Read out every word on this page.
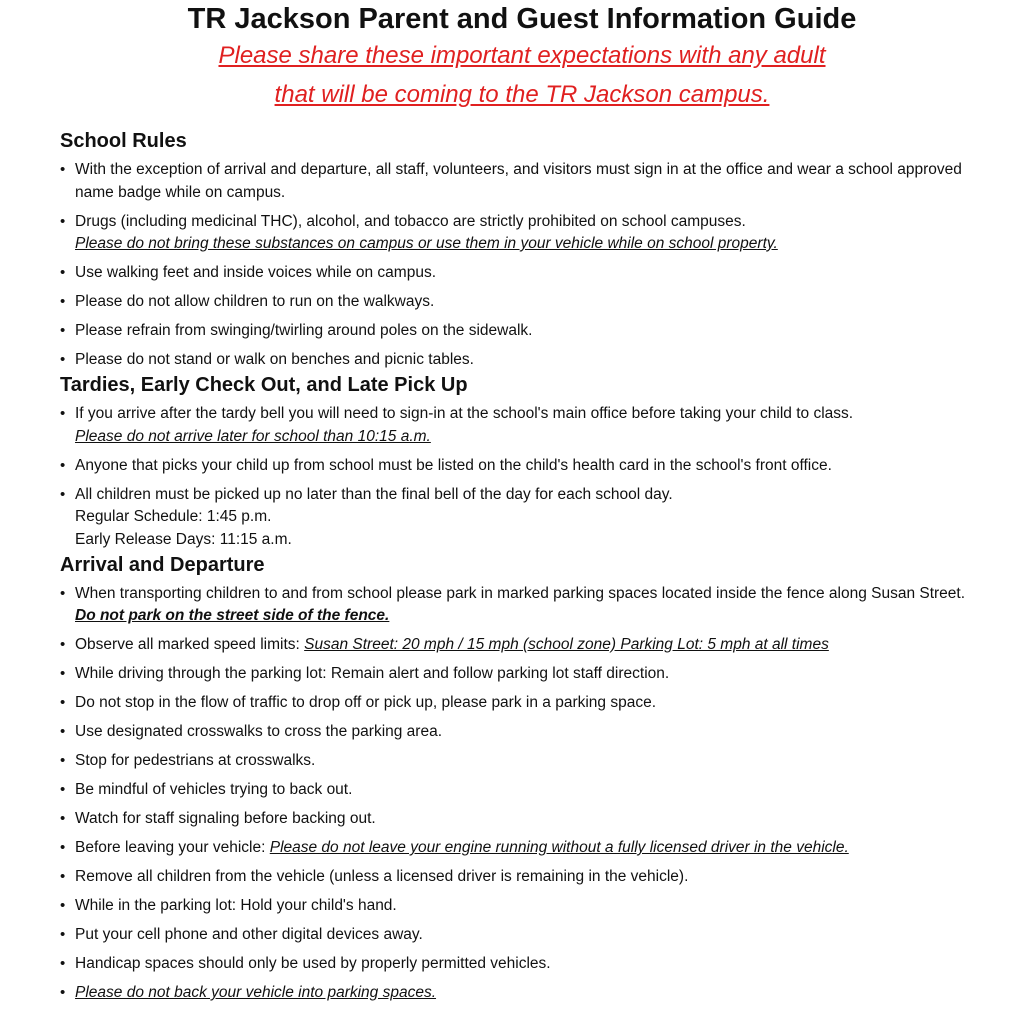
TR Jackson Parent and Guest Information Guide
Please share these important expectations with any adult
that will be coming to the TR Jackson campus.
School Rules
• With the exception of arrival and departure, all staff, volunteers, and visitors must sign in at the office and wear a school approved name badge while on campus.
• Drugs (including medicinal THC), alcohol, and tobacco are strictly prohibited on school campuses.
Please do not bring these substances on campus or use them in your vehicle while on school property.
• Use walking feet and inside voices while on campus.
• Please do not allow children to run on the walkways.
• Please refrain from swinging/twirling around poles on the sidewalk.
• Please do not stand or walk on benches and picnic tables.
Tardies, Early Check Out, and Late Pick Up
• If you arrive after the tardy bell you will need to sign-in at the school's main office before taking your child to class.
Please do not arrive later for school than 10:15 a.m.
• Anyone that picks your child up from school must be listed on the child's health card in the school's front office.
• All children must be picked up no later than the final bell of the day for each school day.
Regular Schedule: 1:45 p.m.
Early Release Days: 11:15 a.m.
Arrival and Departure
• When transporting children to and from school please park in marked parking spaces located inside the fence along Susan Street. Do not park on the street side of the fence.
• Observe all marked speed limits: Susan Street: 20 mph / 15 mph (school zone) Parking Lot: 5 mph at all times
• While driving through the parking lot: Remain alert and follow parking lot staff direction.
• Do not stop in the flow of traffic to drop off or pick up, please park in a parking space.
• Use designated crosswalks to cross the parking area.
• Stop for pedestrians at crosswalks.
• Be mindful of vehicles trying to back out.
• Watch for staff signaling before backing out.
• Before leaving your vehicle: Please do not leave your engine running without a fully licensed driver in the vehicle.
• Remove all children from the vehicle (unless a licensed driver is remaining in the vehicle).
• While in the parking lot: Hold your child's hand.
• Put your cell phone and other digital devices away.
• Handicap spaces should only be used by properly permitted vehicles.
• Please do not back your vehicle into parking spaces.
